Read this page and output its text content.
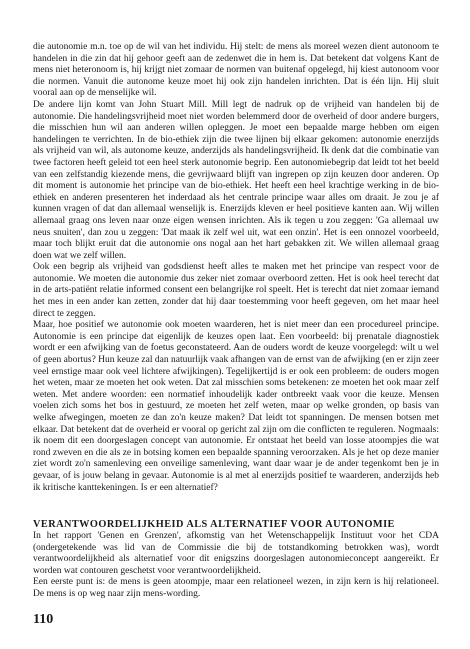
die autonomie m.n. toe op de wil van het individu. Hij stelt: de mens als moreel wezen dient autonoom te handelen in die zin dat hij gehoor geeft aan de zedenwet die in hem is. Dat betekent dat volgens Kant de mens niet heteronoom is, hij krijgt niet zomaar de normen van buitenaf opgelegd, hij kiest autonoom voor die normen. Vanuit die autonome keuze moet hij ook zijn handelen inrichten. Dat is één lijn. Hij sluit vooral aan op de menselijke wil.

De andere lijn komt van John Stuart Mill. Mill legt de nadruk op de vrijheid van handelen bij de autonomie. Die handelingsvrijheid moet niet worden belemmerd door de overheid of door andere burgers, die misschien hun wil aan anderen willen opleggen. Je moet een bepaalde marge hebben om eigen handelingen te verrichten. In de bio-ethiek zijn die twee lijnen bij elkaar gekomen: autonomie enerzijds als vrijheid van wil, als autonome keuze, anderzijds als handelingsvrijheid. Ik denk dat die combinatie van twee factoren heeft geleid tot een heel sterk autonomie begrip. Een autonomiebegrip dat leidt tot het beeld van een zelfstandig kiezende mens, die gevrijwaard blijft van ingrepen op zijn keuzen door anderen. Op dit moment is autonomie het principe van de bio-ethiek. Het heeft een heel krachtige werking in de bio-ethiek en anderen presenteren het inderdaad als het centrale principe waar alles om draait. Je zou je af kunnen vragen of dat dan allemaal wenselijk is. Enerzijds kleven er heel positieve kanten aan. Wij willen allemaal graag ons leven naar onze eigen wensen inrichten. Als ik tegen u zou zeggen: 'Ga allemaal uw neus snuiten', dan zou u zeggen: 'Dat maak ik zelf wel uit, wat een onzin'. Het is een onnozel voorbeeld, maar toch blijkt eruit dat die autonomie ons nogal aan het hart gebakken zit. We willen allemaal graag doen wat we zelf willen.

Ook een begrip als vrijheid van godsdienst heeft alles te maken met het principe van respect voor de autonomie. We moeten die autonomie dus zeker niet zomaar overboord zetten. Het is ook heel terecht dat in de arts-patiënt relatie informed consent een belangrijke rol speelt. Het is terecht dat niet zomaar iemand het mes in een ander kan zetten, zonder dat hij daar toestemming voor heeft gegeven, om het maar heel direct te zeggen.

Maar, hoe positief we autonomie ook moeten waarderen, het is niet meer dan een procedureel principe. Autonomie is een principe dat eigenlijk de keuzes open laat. Een voorbeeld: bij prenatale diagnostiek wordt er een afwijking van de foetus geconstateerd. Aan de ouders wordt de keuze voorgelegd: wilt u wel of geen abortus? Hun keuze zal dan natuurlijk vaak afhangen van de ernst van de afwijking (en er zijn zeer veel ernstige maar ook veel lichtere afwijkingen). Tegelijkertijd is er ook een probleem: de ouders mogen het weten, maar ze moeten het ook weten. Dat zal misschien soms betekenen: ze moeten het ook maar zelf weten. Met andere woorden: een normatief inhoudelijk kader ontbreekt vaak voor die keuze. Mensen voelen zich soms het bos in gestuurd, ze moeten het zelf weten, maar op welke gronden, op basis van welke afwegingen, moeten ze dan zo'n keuze maken? Dat leidt tot spanningen. De mensen botsen met elkaar. Dat betekent dat de overheid er vooral op gericht zal zijn om die conflicten te reguleren. Nogmaals: ik noem dit een doorgeslagen concept van autonomie. Er ontstaat het beeld van losse atoompjes die wat rond zweven en die als ze in botsing komen een bepaalde spanning veroorzaken. Als je het op deze manier ziet wordt zo'n samenleving een onveilige samenleving, want daar waar je de ander tegenkomt ben je in gevaar, of is jouw belang in gevaar. Autonomie is al met al enerzijds positief te waarderen, anderzijds heb ik kritische kanttekeningen. Is er een alternatief?

VERANTWOORDELIJKHEID ALS ALTERNATIEF VOOR AUTONOMIE

In het rapport 'Genen en Grenzen', afkomstig van het Wetenschappelijk Instituut voor het CDA (ondergetekende was lid van de Commissie die bij de totstandkoming betrokken was), wordt verantwoordelijkheid als alternatief voor dit enigszins doorgeslagen autonomieconcept aangereikt. Er worden wat contouren geschetst voor verantwoordelijkheid.

Een eerste punt is: de mens is geen atoompje, maar een relationeel wezen, in zijn kern is hij relationeel. De mens is op weg naar zijn mens-wording.

110
